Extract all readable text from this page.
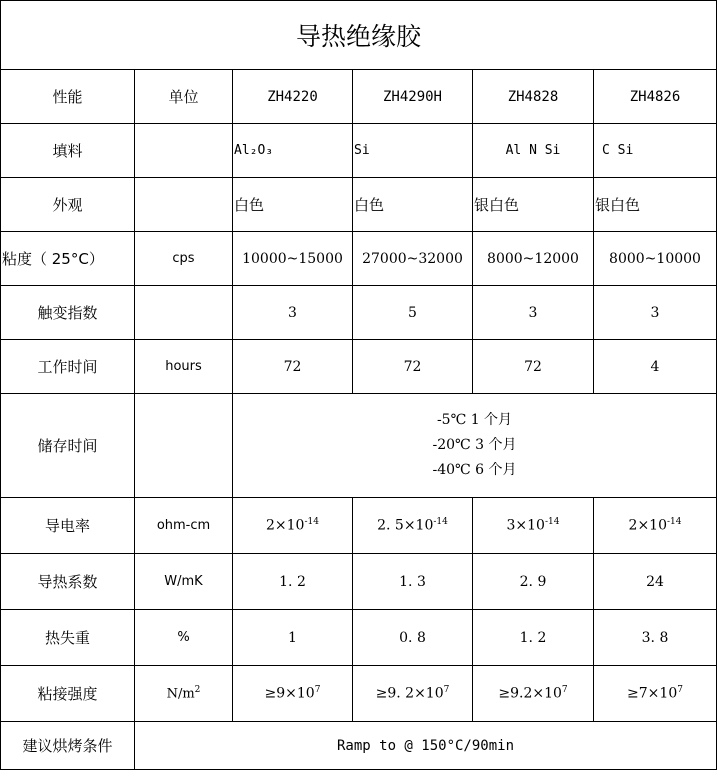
导热绝缘胶					
性能	单位	ZH4220	ZH4290H	ZH4828	ZH4826
填料		Al₂O₃	Si	Al N Si	C Si
外观		白色	白色	银白色	银白色
粘度（ 25°C）	cps	10000~15000	27000~32000	8000~12000	8000~10000
触变指数		3	5	3	3
工作时间	hours	72	72	72	4
储存时间		-5℃ 1 个月
-20℃ 3 个月
-40℃ 6 个月			

导电率	ohm-cm	$2\times 10^{-14}$	2. $5\times 10^{-14}$	$3\times 10^{-14}$	$2\times 10^{-14}$
导热系数	W/mK	1. 2	1. 3	2. 9	24
热失重	%	1	0. 8	1. 2	3. 8
粘接强度	$N/m^2$	$\ge 9\times 10^7$	≥9. $2\times 10^7$	$\ge 9.2\times 10^7$	$\ge 7\times 10^7$
建议烘烤条件	Ramp to @ 150°C/90min				
